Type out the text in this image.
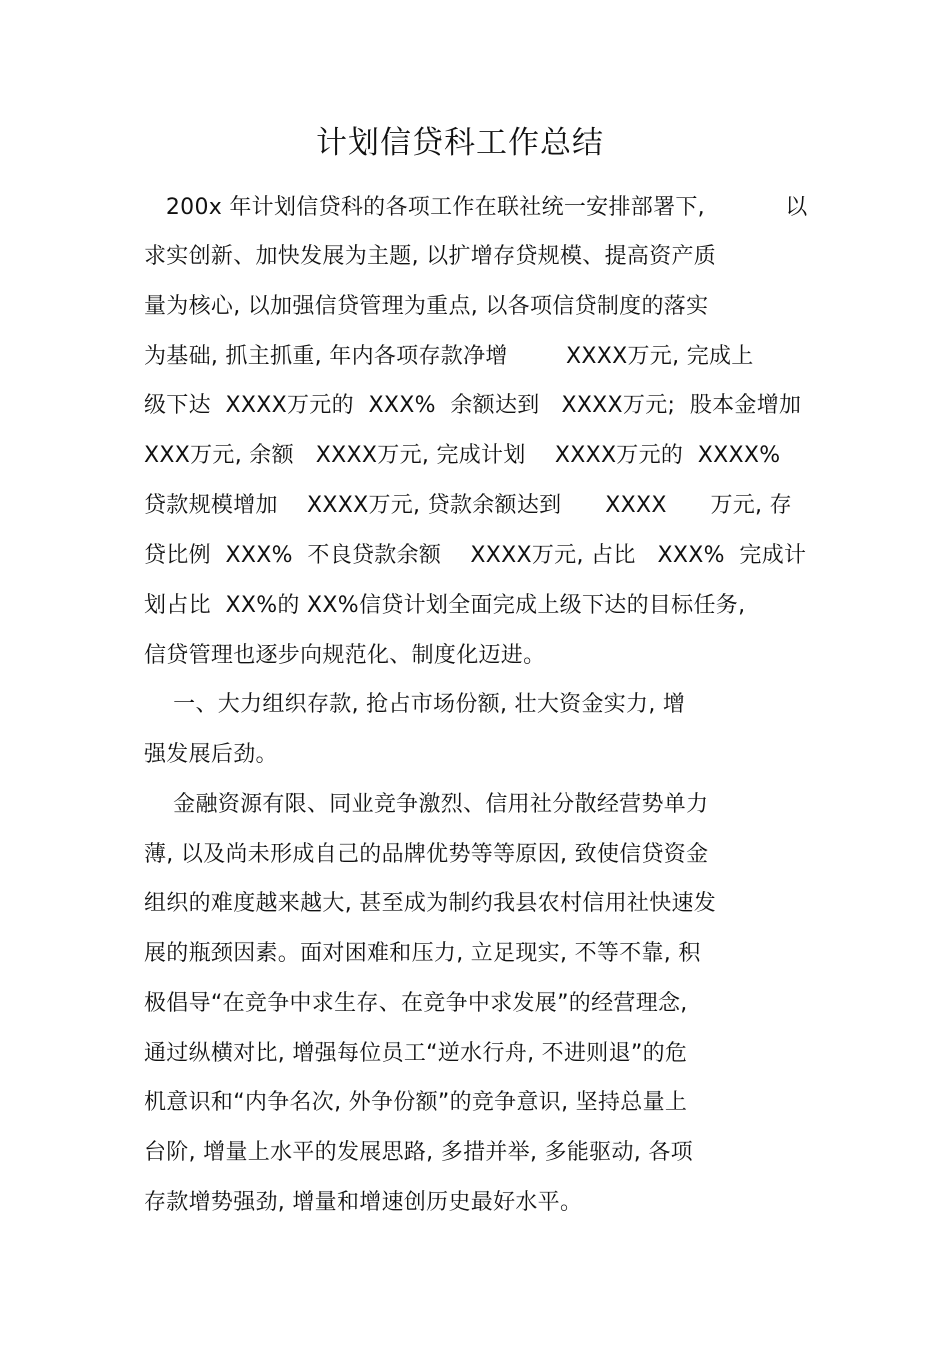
计划信贷科工作总结
200x 年计划信贷科的各项工作在联社统一安排部署下,           以
求实创新、加快发展为主题, 以扩增存贷规模、提高资产质
量为核心, 以加强信贷管理为重点, 以各项信贷制度的落实
为基础, 抓主抓重, 年内各项存款净增        XXXX万元, 完成上
级下达  XXXX万元的  XXX%  余额达到   XXXX万元;  股本金增加
XXX万元, 余额   XXXX万元, 完成计划    XXXX万元的  XXXX%
贷款规模增加    XXXX万元, 贷款余额达到      XXXX      万元, 存
贷比例  XXX%  不良贷款余额    XXXX万元, 占比   XXX%  完成计
划占比  XX%的 XX%信贷计划全面完成上级下达的目标任务,
信贷管理也逐步向规范化、制度化迈进。
一、大力组织存款, 抢占市场份额, 壮大资金实力, 增
强发展后劲。
金融资源有限、同业竞争激烈、信用社分散经营势单力
薄, 以及尚未形成自己的品牌优势等等原因, 致使信贷资金
组织的难度越来越大, 甚至成为制约我县农村信用社快速发
展的瓶颈因素。面对困难和压力, 立足现实, 不等不靠, 积
极倡导“在竞争中求生存、在竞争中求发展”的经营理念,
通过纵横对比, 增强每位员工“逆水行舟, 不进则退”的危
机意识和“内争名次, 外争份额”的竞争意识, 坚持总量上
台阶, 增量上水平的发展思路, 多措并举, 多能驱动, 各项
存款增势强劲, 增量和增速创历史最好水平。
